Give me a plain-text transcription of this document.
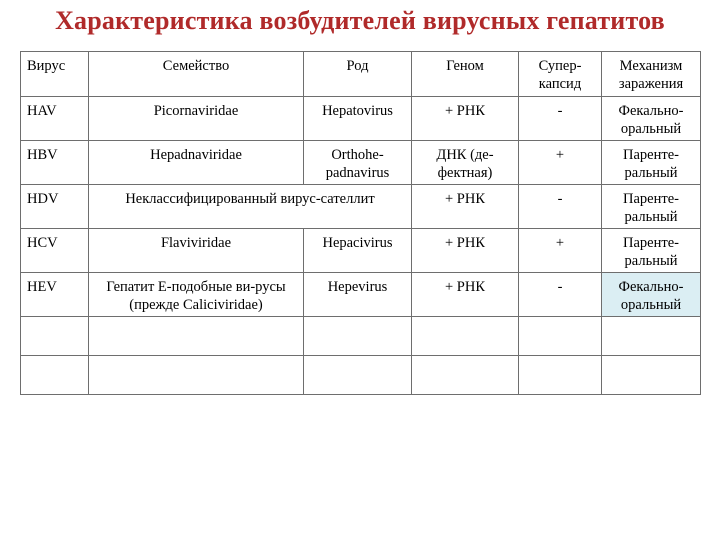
Характеристика возбудителей вирусных гепатитов
Вирус	Семейство	Род	Геном	Супер-капсид	Механизм заражения
HAV	Picornaviridae	Hepatovirus	+ РНК	-	Фекально-оральный
HBV	Hepadnaviridae	Orthohe-padnavirus	ДНК (де-фектная)	+	Паренте-ральный
HDV	Неклассифицированный вирус-сателлит		+ РНК	-	Паренте-ральный
HCV	Flaviviridae	Hepacivirus	+ РНК	+	Паренте-ральный
HEV	Гепатит Е-подобные ви-русы (прежде Caliciviridae)	Hepevirus	+ РНК	-	Фекально-оральный
